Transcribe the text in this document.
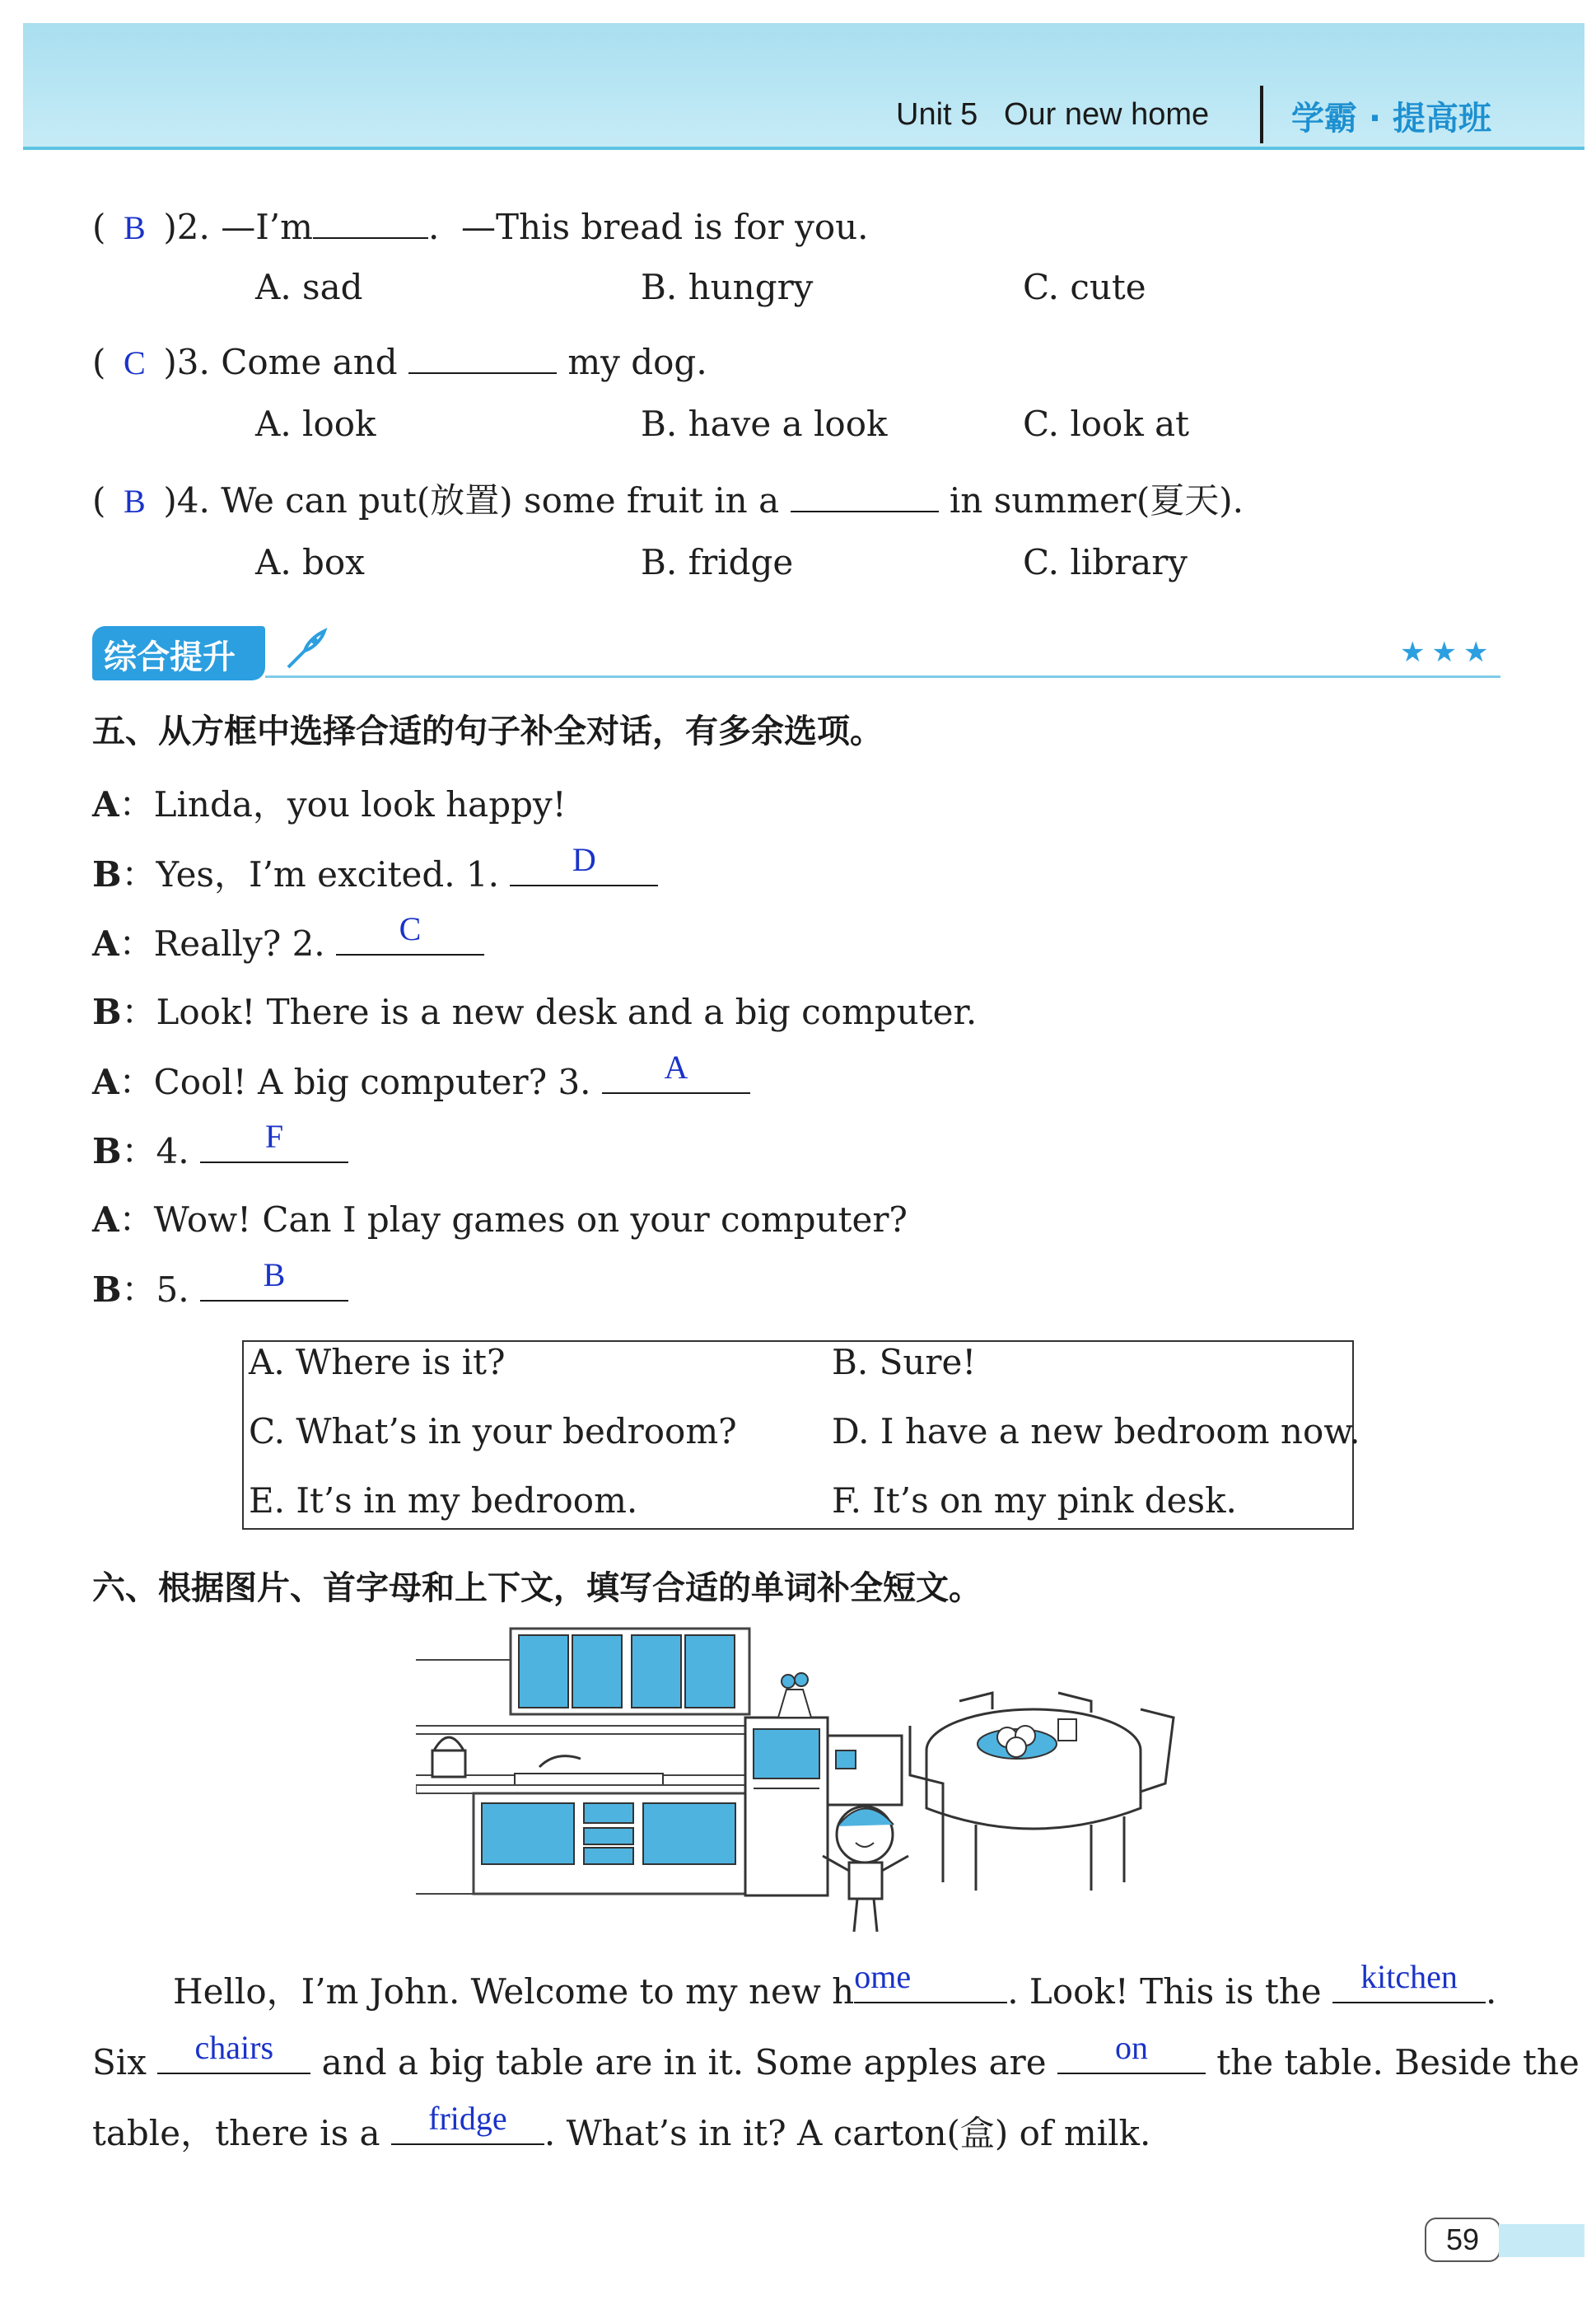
Unit 5   Our new home 学霸 · 提高班
( B )2. —I’m	.  —This bread is for you.
A. sad	B. hungry	C. cute
( C )3. Come and	my dog.
A. look	B. have a look	C. look at
( B )4. We can put(放置) some fruit in a	in summer(夏天).
A. box	B. fridge	C. library
综合提升	★★★
五、从方框中选择合适的句子补全对话，有多余选项。
A：Linda，you look happy!
B：Yes，I’m excited. 1.	D
A：Really? 2.	C
B：Look! There is a new desk and a big computer.
A：Cool! A big computer? 3.	A
B：4.	F
A：Wow! Can I play games on your computer?
B：5.	B
A. Where is it?	B. Sure!
C. What’s in your bedroom?	D. I have a new bedroom now.
E. It’s in my bedroom.	F. It’s on my pink desk.
六、根据图片、首字母和上下文，填写合适的单词补全短文。
Hello，I’m John. Welcome to my new h ome	. Look! This is the	kitchen .
Six	chairs	and a big table are in it. Some apples are	on	the table. Beside the
table，there is a	fridge	. What’s in it? A carton(盒) of milk.
59
